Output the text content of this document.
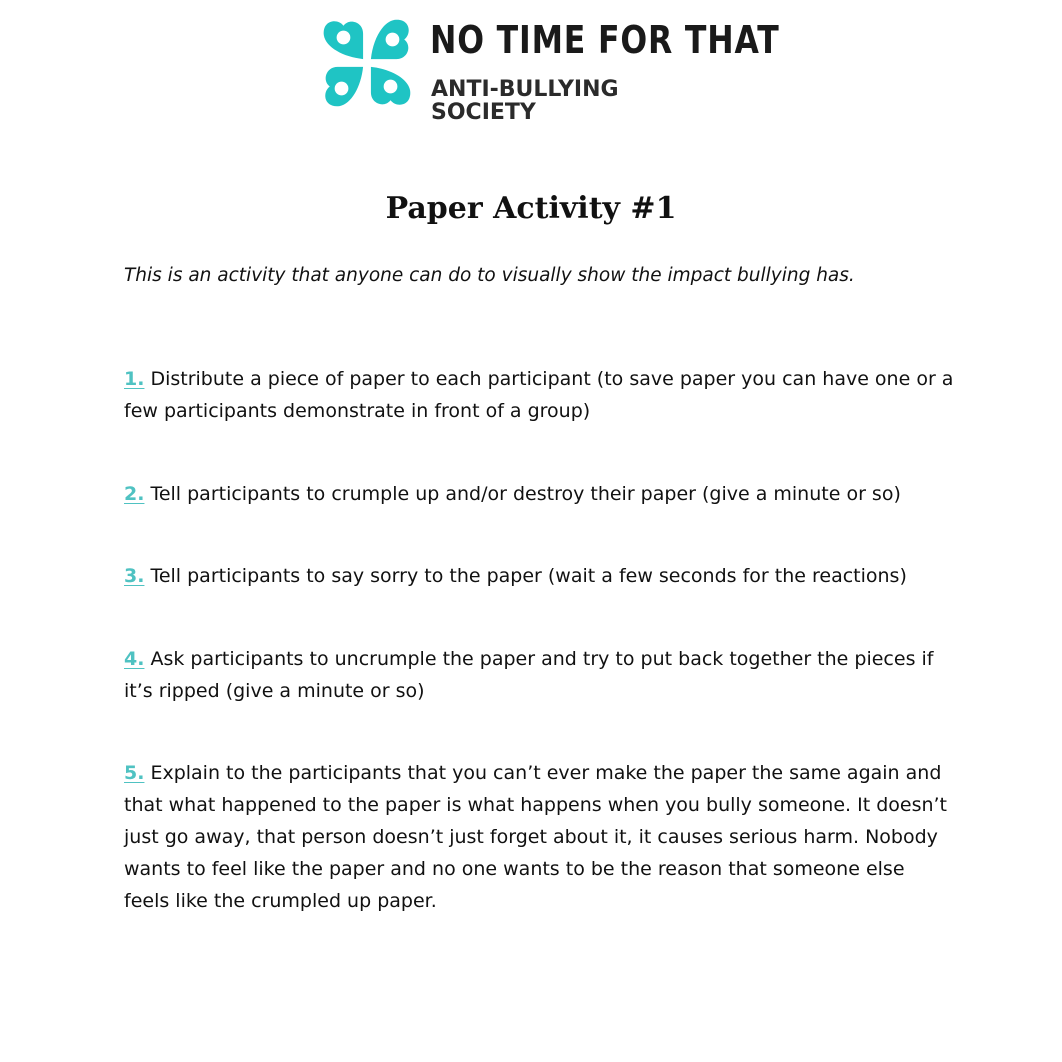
NO TIME FOR THAT
ANTI-BULLYING
SOCIETY
Paper Activity #1
This is an activity that anyone can do to visually show the impact bullying has.
1. Distribute a piece of paper to each participant (to save paper you can have one or a few participants demonstrate in front of a group)
2. Tell participants to crumple up and/or destroy their paper (give a minute or so)
3. Tell participants to say sorry to the paper (wait a few seconds for the reactions)
4. Ask participants to uncrumple the paper and try to put back together the pieces if it’s ripped (give a minute or so)
5. Explain to the participants that you can’t ever make the paper the same again and that what happened to the paper is what happens when you bully someone. It doesn’t just go away, that person doesn’t just forget about it, it causes serious harm. Nobody wants to feel like the paper and no one wants to be the reason that someone else feels like the crumpled up paper.
